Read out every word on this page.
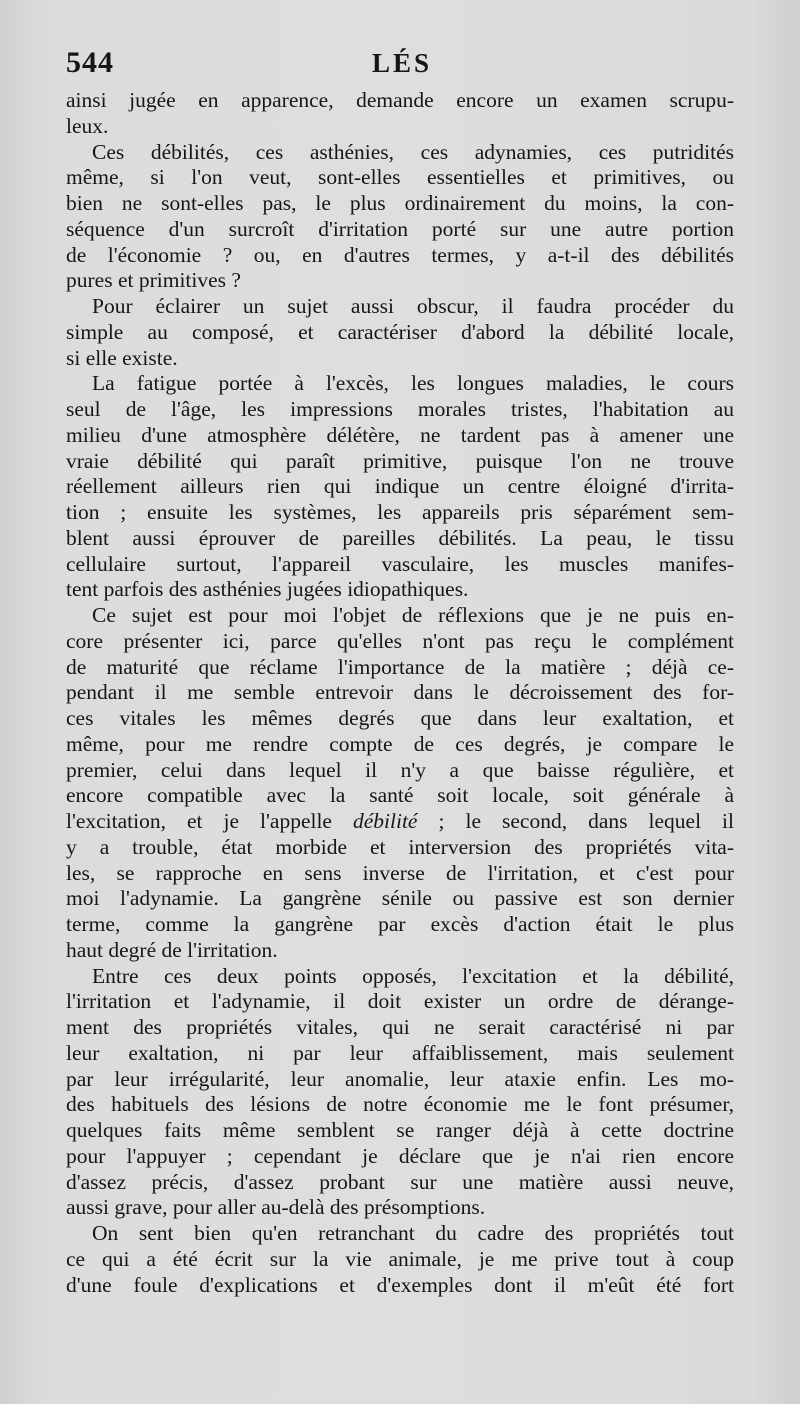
544	LÉS
ainsi jugée en apparence, demande encore un examen scrupu-
leux.
Ces débilités, ces asthénies, ces adynamies, ces putridités
même, si l'on veut, sont-elles essentielles et primitives, ou
bien ne sont-elles pas, le plus ordinairement du moins, la con-
séquence d'un surcroît d'irritation porté sur une autre portion
de l'économie ? ou, en d'autres termes, y a-t-il des débilités
pures et primitives ?
Pour éclairer un sujet aussi obscur, il faudra procéder du
simple au composé, et caractériser d'abord la débilité locale,
si elle existe.
La fatigue portée à l'excès, les longues maladies, le cours
seul de l'âge, les impressions morales tristes, l'habitation au
milieu d'une atmosphère délétère, ne tardent pas à amener une
vraie débilité qui paraît primitive, puisque l'on ne trouve
réellement ailleurs rien qui indique un centre éloigné d'irrita-
tion ; ensuite les systèmes, les appareils pris séparément sem-
blent aussi éprouver de pareilles débilités. La peau, le tissu
cellulaire surtout, l'appareil vasculaire, les muscles manifes-
tent parfois des asthénies jugées idiopathiques.
Ce sujet est pour moi l'objet de réflexions que je ne puis en-
core présenter ici, parce qu'elles n'ont pas reçu le complément
de maturité que réclame l'importance de la matière ; déjà ce-
pendant il me semble entrevoir dans le décroissement des for-
ces vitales les mêmes degrés que dans leur exaltation, et
même, pour me rendre compte de ces degrés, je compare le
premier, celui dans lequel il n'y a que baisse régulière, et
encore compatible avec la santé soit locale, soit générale à
l'excitation, et je l'appelle débilité ; le second, dans lequel il
y a trouble, état morbide et interversion des propriétés vita-
les, se rapproche en sens inverse de l'irritation, et c'est pour
moi l'adynamie. La gangrène sénile ou passive est son dernier
terme, comme la gangrène par excès d'action était le plus
haut degré de l'irritation.
Entre ces deux points opposés, l'excitation et la débilité,
l'irritation et l'adynamie, il doit exister un ordre de dérange-
ment des propriétés vitales, qui ne serait caractérisé ni par
leur exaltation, ni par leur affaiblissement, mais seulement
par leur irrégularité, leur anomalie, leur ataxie enfin. Les mo-
des habituels des lésions de notre économie me le font présumer,
quelques faits même semblent se ranger déjà à cette doctrine
pour l'appuyer ; cependant je déclare que je n'ai rien encore
d'assez précis, d'assez probant sur une matière aussi neuve,
aussi grave, pour aller au-delà des présomptions.
On sent bien qu'en retranchant du cadre des propriétés tout
ce qui a été écrit sur la vie animale, je me prive tout à coup
d'une foule d'explications et d'exemples dont il m'eût été fort
